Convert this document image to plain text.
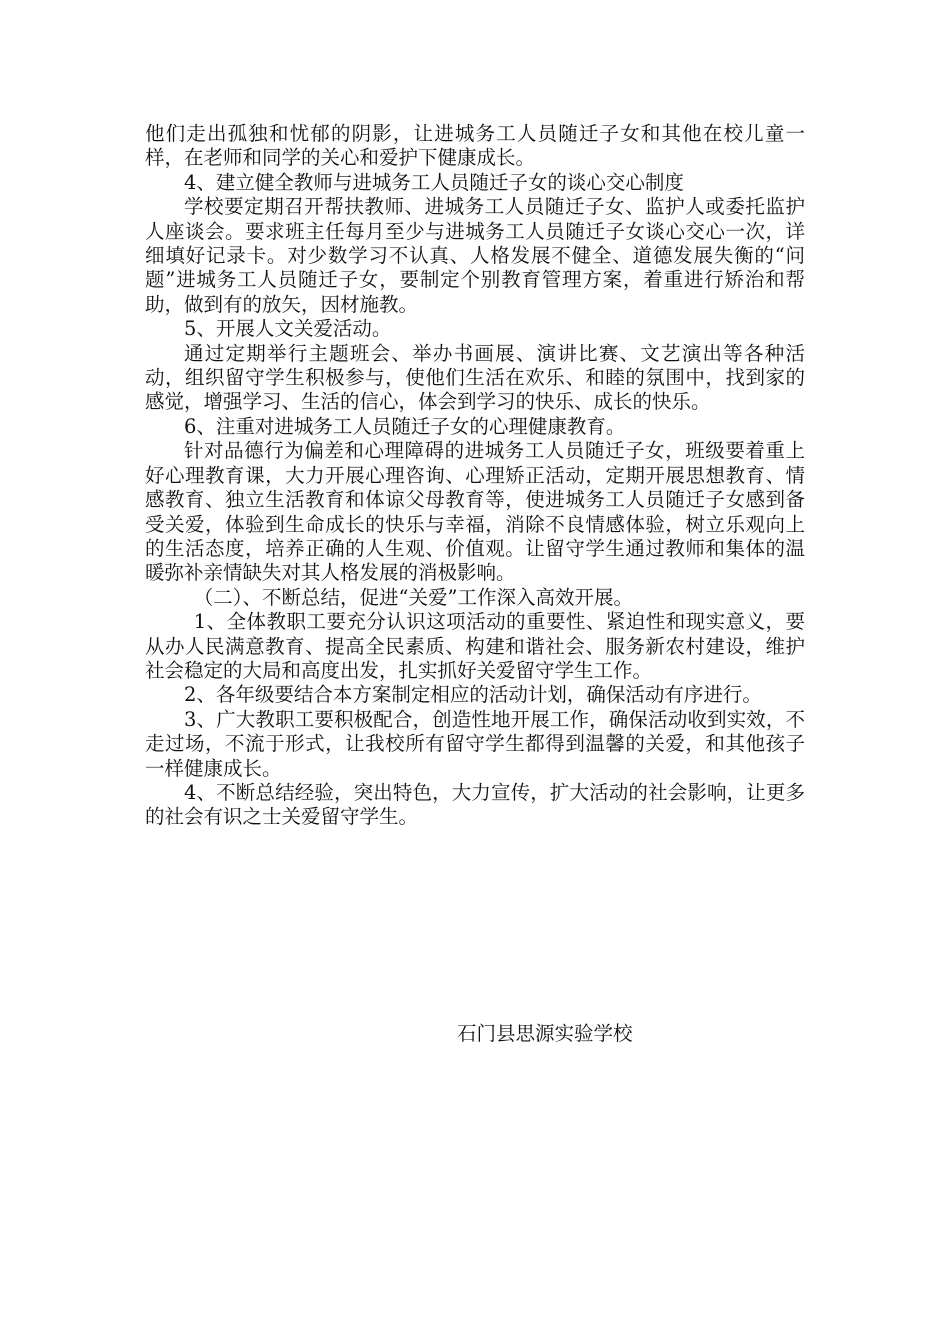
他们走出孤独和忧郁的阴影，让进城务工人员随迁子女和其他在校儿童一样，在老师和同学的关心和爱护下健康成长。

4、建立健全教师与进城务工人员随迁子女的谈心交心制度

学校要定期召开帮扶教师、进城务工人员随迁子女、监护人或委托监护人座谈会。要求班主任每月至少与进城务工人员随迁子女谈心交心一次，详细填好记录卡。对少数学习不认真、人格发展不健全、道德发展失衡的“问题”进城务工人员随迁子女，要制定个别教育管理方案，着重进行矫治和帮助，做到有的放矢，因材施教。

5、开展人文关爱活动。

通过定期举行主题班会、举办书画展、演讲比赛、文艺演出等各种活动，组织留守学生积极参与，使他们生活在欢乐、和睦的氛围中，找到家的感觉，增强学习、生活的信心，体会到学习的快乐、成长的快乐。

6、注重对进城务工人员随迁子女的心理健康教育。

针对品德行为偏差和心理障碍的进城务工人员随迁子女，班级要着重上好心理教育课，大力开展心理咨询、心理矫正活动，定期开展思想教育、情感教育、独立生活教育和体谅父母教育等，使进城务工人员随迁子女感到备受关爱，体验到生命成长的快乐与幸福，消除不良情感体验，树立乐观向上的生活态度，培养正确的人生观、价值观。让留守学生通过教师和集体的温暖弥补亲情缺失对其人格发展的消极影响。

（二）、不断总结，促进“关爱”工作深入高效开展。

1、全体教职工要充分认识这项活动的重要性、紧迫性和现实意义，要从办人民满意教育、提高全民素质、构建和谐社会、服务新农村建设，维护社会稳定的大局和高度出发，扎实抓好关爱留守学生工作。

2、各年级要结合本方案制定相应的活动计划，确保活动有序进行。

3、广大教职工要积极配合，创造性地开展工作，确保活动收到实效，不走过场，不流于形式，让我校所有留守学生都得到温馨的关爱，和其他孩子一样健康成长。

4、不断总结经验，突出特色，大力宣传，扩大活动的社会影响，让更多的社会有识之士关爱留守学生。

石门县思源实验学校
